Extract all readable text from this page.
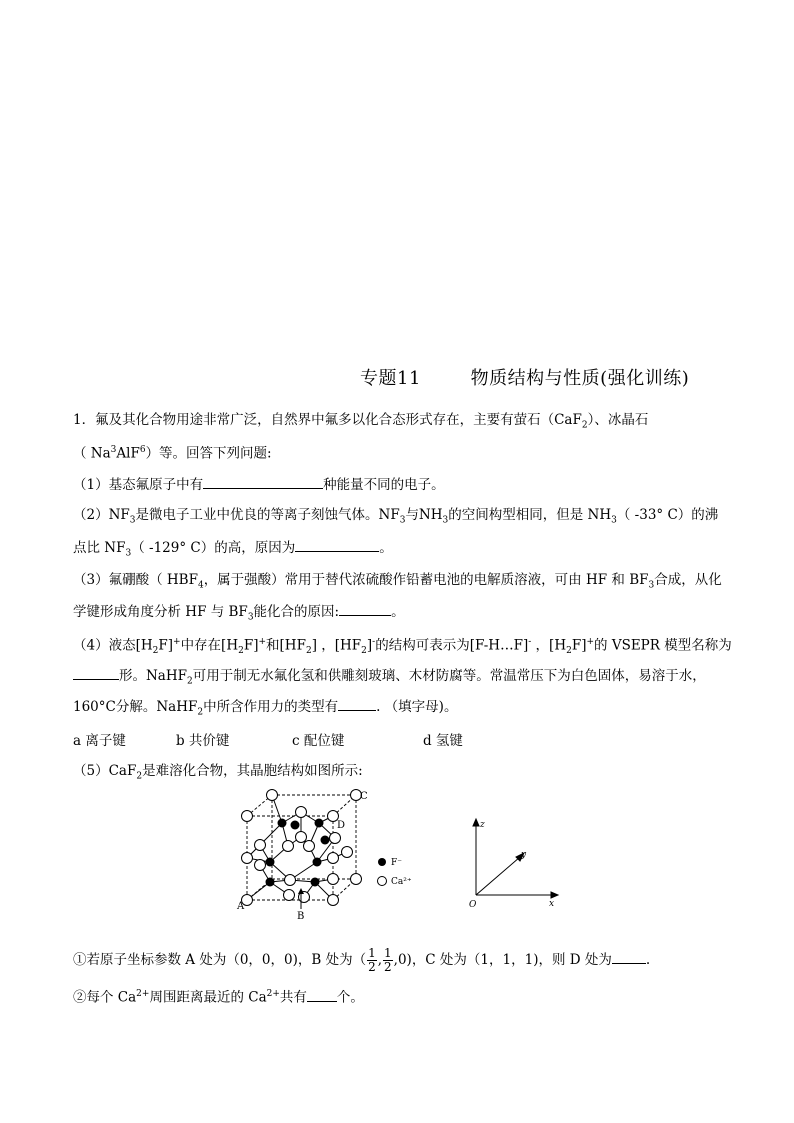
专题11        物质结构与性质(强化训练)
1．氟及其化合物用途非常广泛，自然界中氟多以化合态形式存在，主要有萤石（CaF$_2$）、冰晶石
（ Na$^3$AlF$^6$）等。回答下列问题:
（1）基态氟原子中有	种能量不同的电子。
$(2)NF_3$是微电子工业中优良的等离子刻蚀气体。$NF_3$与$NH_3$的空间构型相同，但是 $NH_3$（ -33° C）的沸
点比 $NF_3$（ -129° C）的高，原因为	。
（3）氟硼酸（ $HBF_4$，属于强酸）常用于替代浓硫酸作铅蓄电池的电解质溶液，可由 HF 和 $BF_3$合成，从化
学键形成角度分析 HF 与 $BF_3$能化合的原因:	。
（4）液态$[H_2F]^+$中存在$[H_2F]^+$和$[HF_2]$ ，$[HF_2]^-$的结构可表示为[F-H…F]- ，$[H_2F]^+$的 VSEPR 模型名称为
形。NaHF$_2$可用于制无水氟化氢和供雕刻玻璃、木材防腐等。常温常压下为白色固体，易溶于水，
160°C分解。NaHF$_2$中所含作用力的类型有	. （填字母)。
a 离子键	b 共价键	c 配位键	d 氢键
（5）CaF$_2$是难溶化合物，其晶胞结构如图所示:
A
B
C
D
F⁻
Ca²⁺
z
y
x
O
①若原子坐标参数 A 处为（0，0，0)，B 处为（ $\frac{1}{2}$ , $\frac{1}{2} ,0$)，C 处为（1，1，1)，则 D 处为	.
②每个 $Ca^{2+}$周围距离最近的 $Ca^{2+}$共有 个。
